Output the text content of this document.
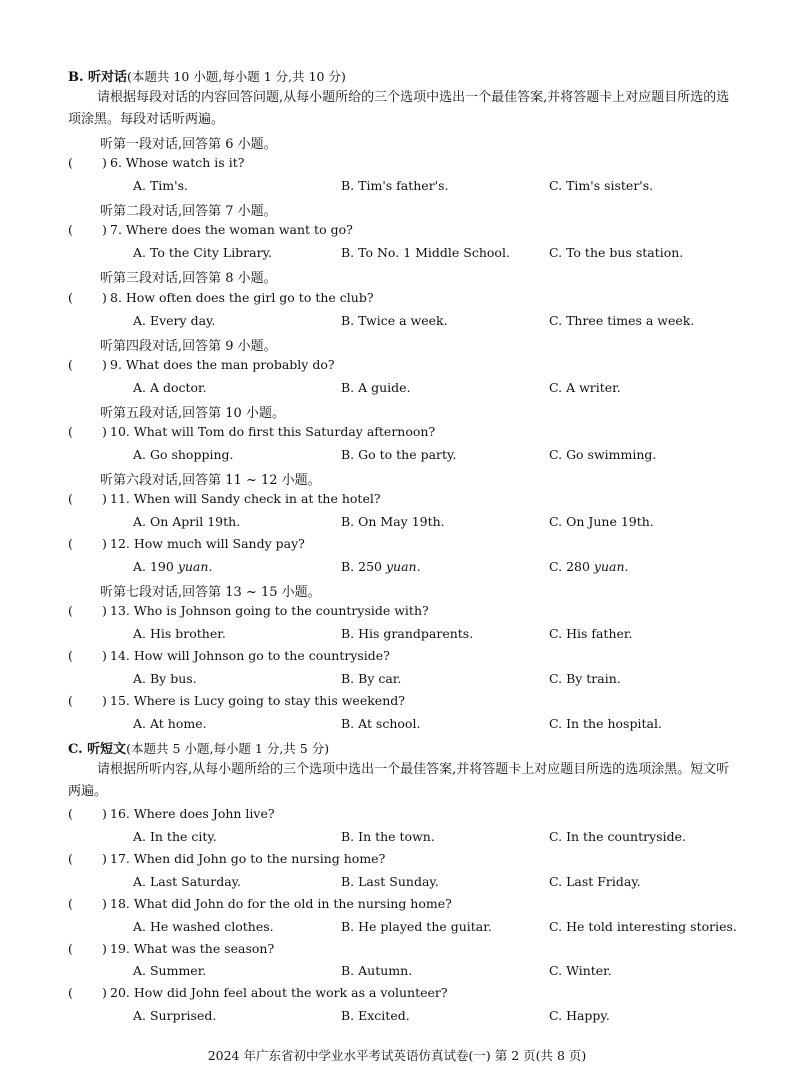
B. 听对话(本题共 10 小题,每小题 1 分,共 10 分)
请根据每段对话的内容回答问题,从每小题所给的三个选项中选出一个最佳答案,并将答题卡上对应题目所选的选项涂黑。每段对话听两遍。
听第一段对话,回答第 6 小题。
( ) 6. Whose watch is it?
A. Tim's.	B. Tim's father's.	C. Tim's sister's.
听第二段对话,回答第 7 小题。
( ) 7. Where does the woman want to go?
A. To the City Library.	B. To No. 1 Middle School.	C. To the bus station.
听第三段对话,回答第 8 小题。
( ) 8. How often does the girl go to the club?
A. Every day.	B. Twice a week.	C. Three times a week.
听第四段对话,回答第 9 小题。
( ) 9. What does the man probably do?
A. A doctor.	B. A guide.	C. A writer.
听第五段对话,回答第 10 小题。
( ) 10. What will Tom do first this Saturday afternoon?
A. Go shopping.	B. Go to the party.	C. Go swimming.
听第六段对话,回答第 11 ~ 12 小题。
( ) 11. When will Sandy check in at the hotel?
A. On April 19th.	B. On May 19th.	C. On June 19th.
( ) 12. How much will Sandy pay?
A. 190 yuan.	B. 250 yuan.	C. 280 yuan.
听第七段对话,回答第 13 ~ 15 小题。
( ) 13. Who is Johnson going to the countryside with?
A. His brother.	B. His grandparents.	C. His father.
( ) 14. How will Johnson go to the countryside?
A. By bus.	B. By car.	C. By train.
( ) 15. Where is Lucy going to stay this weekend?
A. At home.	B. At school.	C. In the hospital.
C. 听短文(本题共 5 小题,每小题 1 分,共 5 分)
请根据所听内容,从每小题所给的三个选项中选出一个最佳答案,并将答题卡上对应题目所选的选项涂黑。短文听两遍。
( ) 16. Where does John live?
A. In the city.	B. In the town.	C. In the countryside.
( ) 17. When did John go to the nursing home?
A. Last Saturday.	B. Last Sunday.	C. Last Friday.
( ) 18. What did John do for the old in the nursing home?
A. He washed clothes.	B. He played the guitar.	C. He told interesting stories.
( ) 19. What was the season?
A. Summer.	B. Autumn.	C. Winter.
( ) 20. How did John feel about the work as a volunteer?
A. Surprised.	B. Excited.	C. Happy.
2024 年广东省初中学业水平考试英语仿真试卷(一) 第 2 页(共 8 页)
